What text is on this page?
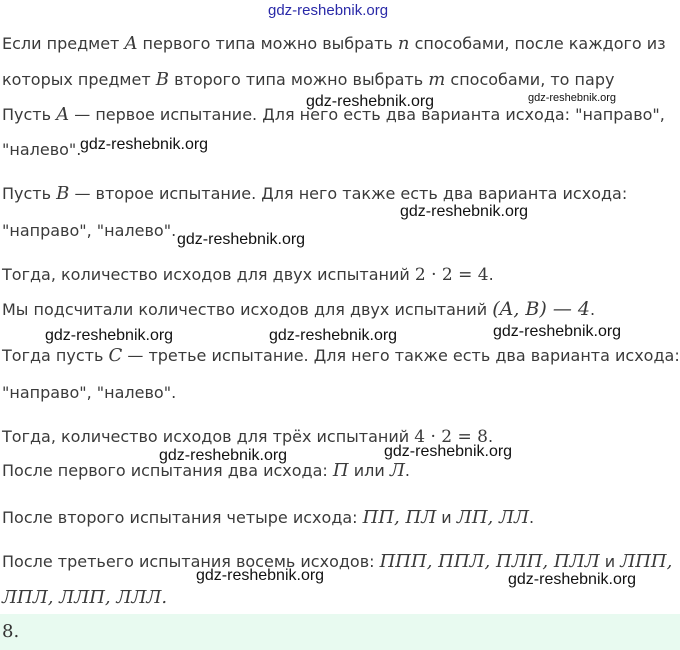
gdz-reshebnik.org
Если предмет A первого типа можно выбрать n способами, после каждого из
которых предмет B второго типа можно выбрать m способами, то пару
Пусть A — первое испытание. Для него есть два варианта исхода: "направо",
"налево".
Пусть B — второе испытание. Для него также есть два варианта исхода:
"направо", "налево".
Тогда, количество исходов для двух испытаний 2 · 2 = 4.
Мы подсчитали количество исходов для двух испытаний (A, B) — 4.
Тогда пусть C — третье испытание. Для него также есть два варианта исхода:
"направо", "налево".
Тогда, количество исходов для трёх испытаний 4 · 2 = 8.
После первого испытания два исхода: П или Л.
После второго испытания четыре исхода: ПП, ПЛ и ЛП, ЛЛ.
После третьего испытания восемь исходов: ППП, ППЛ, ПЛП, ПЛЛ и ЛПП,
ЛПЛ, ЛЛП, ЛЛЛ.
gdz-reshebnik.org	gdz-reshebnik.org
gdz-reshebnik.org
gdz-reshebnik.org
gdz-reshebnik.org
gdz-reshebnik.org	gdz-reshebnik.org	gdz-reshebnik.org
gdz-reshebnik.org	gdz-reshebnik.org
gdz-reshebnik.org	gdz-reshebnik.org
8.
